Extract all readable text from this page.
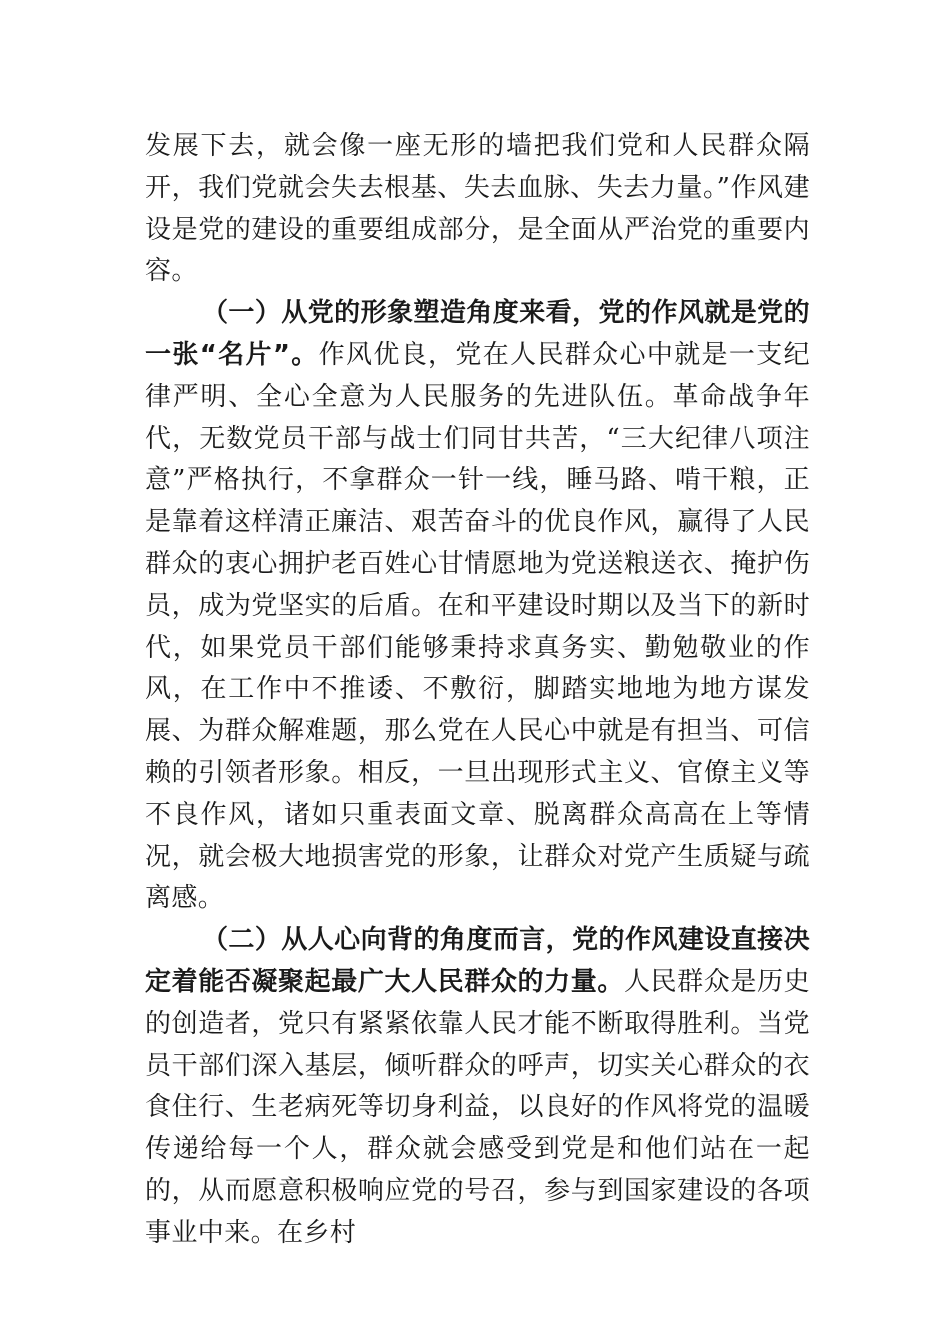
发展下去，就会像一座无形的墙把我们党和人民群众隔开，我们党就会失去根基、失去血脉、失去力量。”作风建设是党的建设的重要组成部分，是全面从严治党的重要内容。

（一）从党的形象塑造角度来看，党的作风就是党的一张“名片”。作风优良，党在人民群众心中就是一支纪律严明、全心全意为人民服务的先进队伍。革命战争年代，无数党员干部与战士们同甘共苦，“三大纪律八项注意”严格执行，不拿群众一针一线，睡马路、啃干粮，正是靠着这样清正廉洁、艰苦奋斗的优良作风，赢得了人民群众的衷心拥护老百姓心甘情愿地为党送粮送衣、掩护伤员，成为党坚实的后盾。在和平建设时期以及当下的新时代，如果党员干部们能够秉持求真务实、勤勉敬业的作风，在工作中不推诿、不敷衍，脚踏实地地为地方谋发展、为群众解难题，那么党在人民心中就是有担当、可信赖的引领者形象。相反，一旦出现形式主义、官僚主义等不良作风，诸如只重表面文章、脱离群众高高在上等情况，就会极大地损害党的形象，让群众对党产生质疑与疏离感。

（二）从人心向背的角度而言，党的作风建设直接决定着能否凝聚起最广大人民群众的力量。人民群众是历史的创造者，党只有紧紧依靠人民才能不断取得胜利。当党员干部们深入基层，倾听群众的呼声，切实关心群众的衣食住行、生老病死等切身利益，以良好的作风将党的温暖传递给每一个人，群众就会感受到党是和他们站在一起的，从而愿意积极响应党的号召，参与到国家建设的各项事业中来。在乡村
